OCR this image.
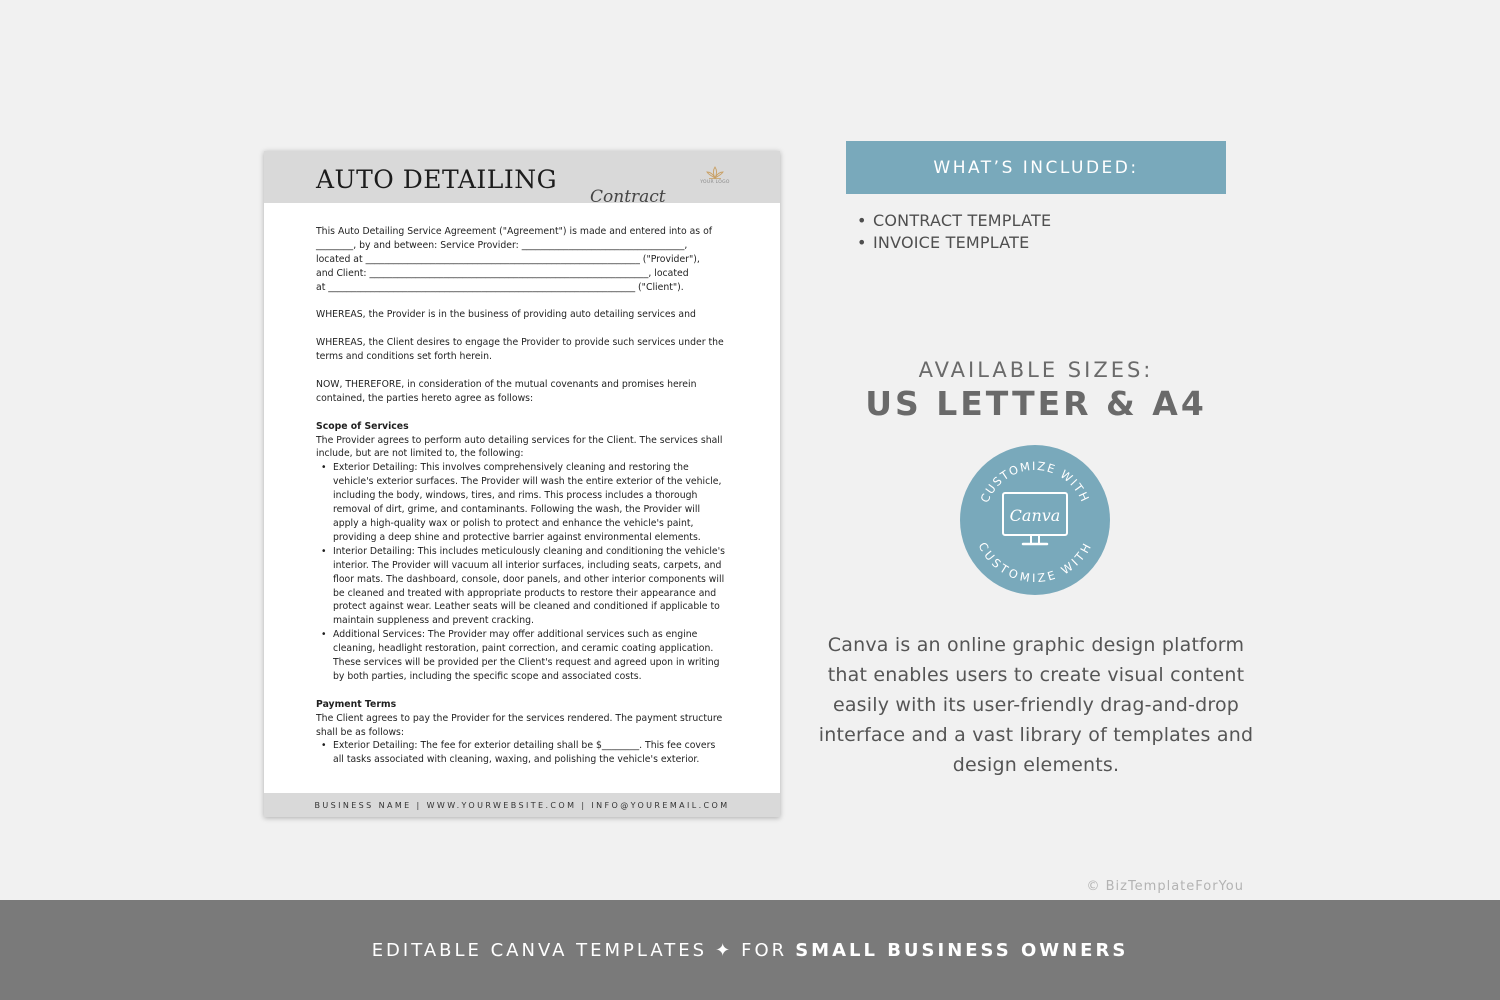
AUTO DETAILING
Contract
YOUR LOGO

This Auto Detailing Service Agreement ("Agreement") is made and entered into as of
________, by and between: Service Provider: ___________________________________,
located at ___________________________________________________________ ("Provider"),
and Client: ____________________________________________________________, located
at __________________________________________________________________ ("Client").

WHEREAS, the Provider is in the business of providing auto detailing services and

WHEREAS, the Client desires to engage the Provider to provide such services under the terms and conditions set forth herein.

NOW, THEREFORE, in consideration of the mutual covenants and promises herein contained, the parties hereto agree as follows:

Scope of Services

The Provider agrees to perform auto detailing services for the Client. The services shall include, but are not limited to, the following:

• Exterior Detailing: This involves comprehensively cleaning and restoring the vehicle's exterior surfaces. The Provider will wash the entire exterior of the vehicle, including the body, windows, tires, and rims. This process includes a thorough removal of dirt, grime, and contaminants. Following the wash, the Provider will apply a high-quality wax or polish to protect and enhance the vehicle's paint, providing a deep shine and protective barrier against environmental elements.
• Interior Detailing: This includes meticulously cleaning and conditioning the vehicle's interior. The Provider will vacuum all interior surfaces, including seats, carpets, and floor mats. The dashboard, console, door panels, and other interior components will be cleaned and treated with appropriate products to restore their appearance and protect against wear. Leather seats will be cleaned and conditioned if applicable to maintain suppleness and prevent cracking.
• Additional Services: The Provider may offer additional services such as engine cleaning, headlight restoration, paint correction, and ceramic coating application. These services will be provided per the Client's request and agreed upon in writing by both parties, including the specific scope and associated costs.

Payment Terms

The Client agrees to pay the Provider for the services rendered. The payment structure shall be as follows:

• Exterior Detailing: The fee for exterior detailing shall be $________. This fee covers all tasks associated with cleaning, waxing, and polishing the vehicle's exterior.
BUSINESS NAME | WWW.YOURWEBSITE.COM | INFO@YOUREMAIL.COM
WHAT’S INCLUDED:
• CONTRACT TEMPLATE
• INVOICE TEMPLATE
AVAILABLE SIZES:
US LETTER & A4
CUSTOMIZE WITH
CUSTOMIZE WITH
Canva
Canva is an online graphic design platform that enables users to create visual content easily with its user-friendly drag-and-drop interface and a vast library of templates and design elements.
© BizTemplateForYou
EDITABLE CANVA TEMPLATES ✦ FOR SMALL BUSINESS OWNERS
